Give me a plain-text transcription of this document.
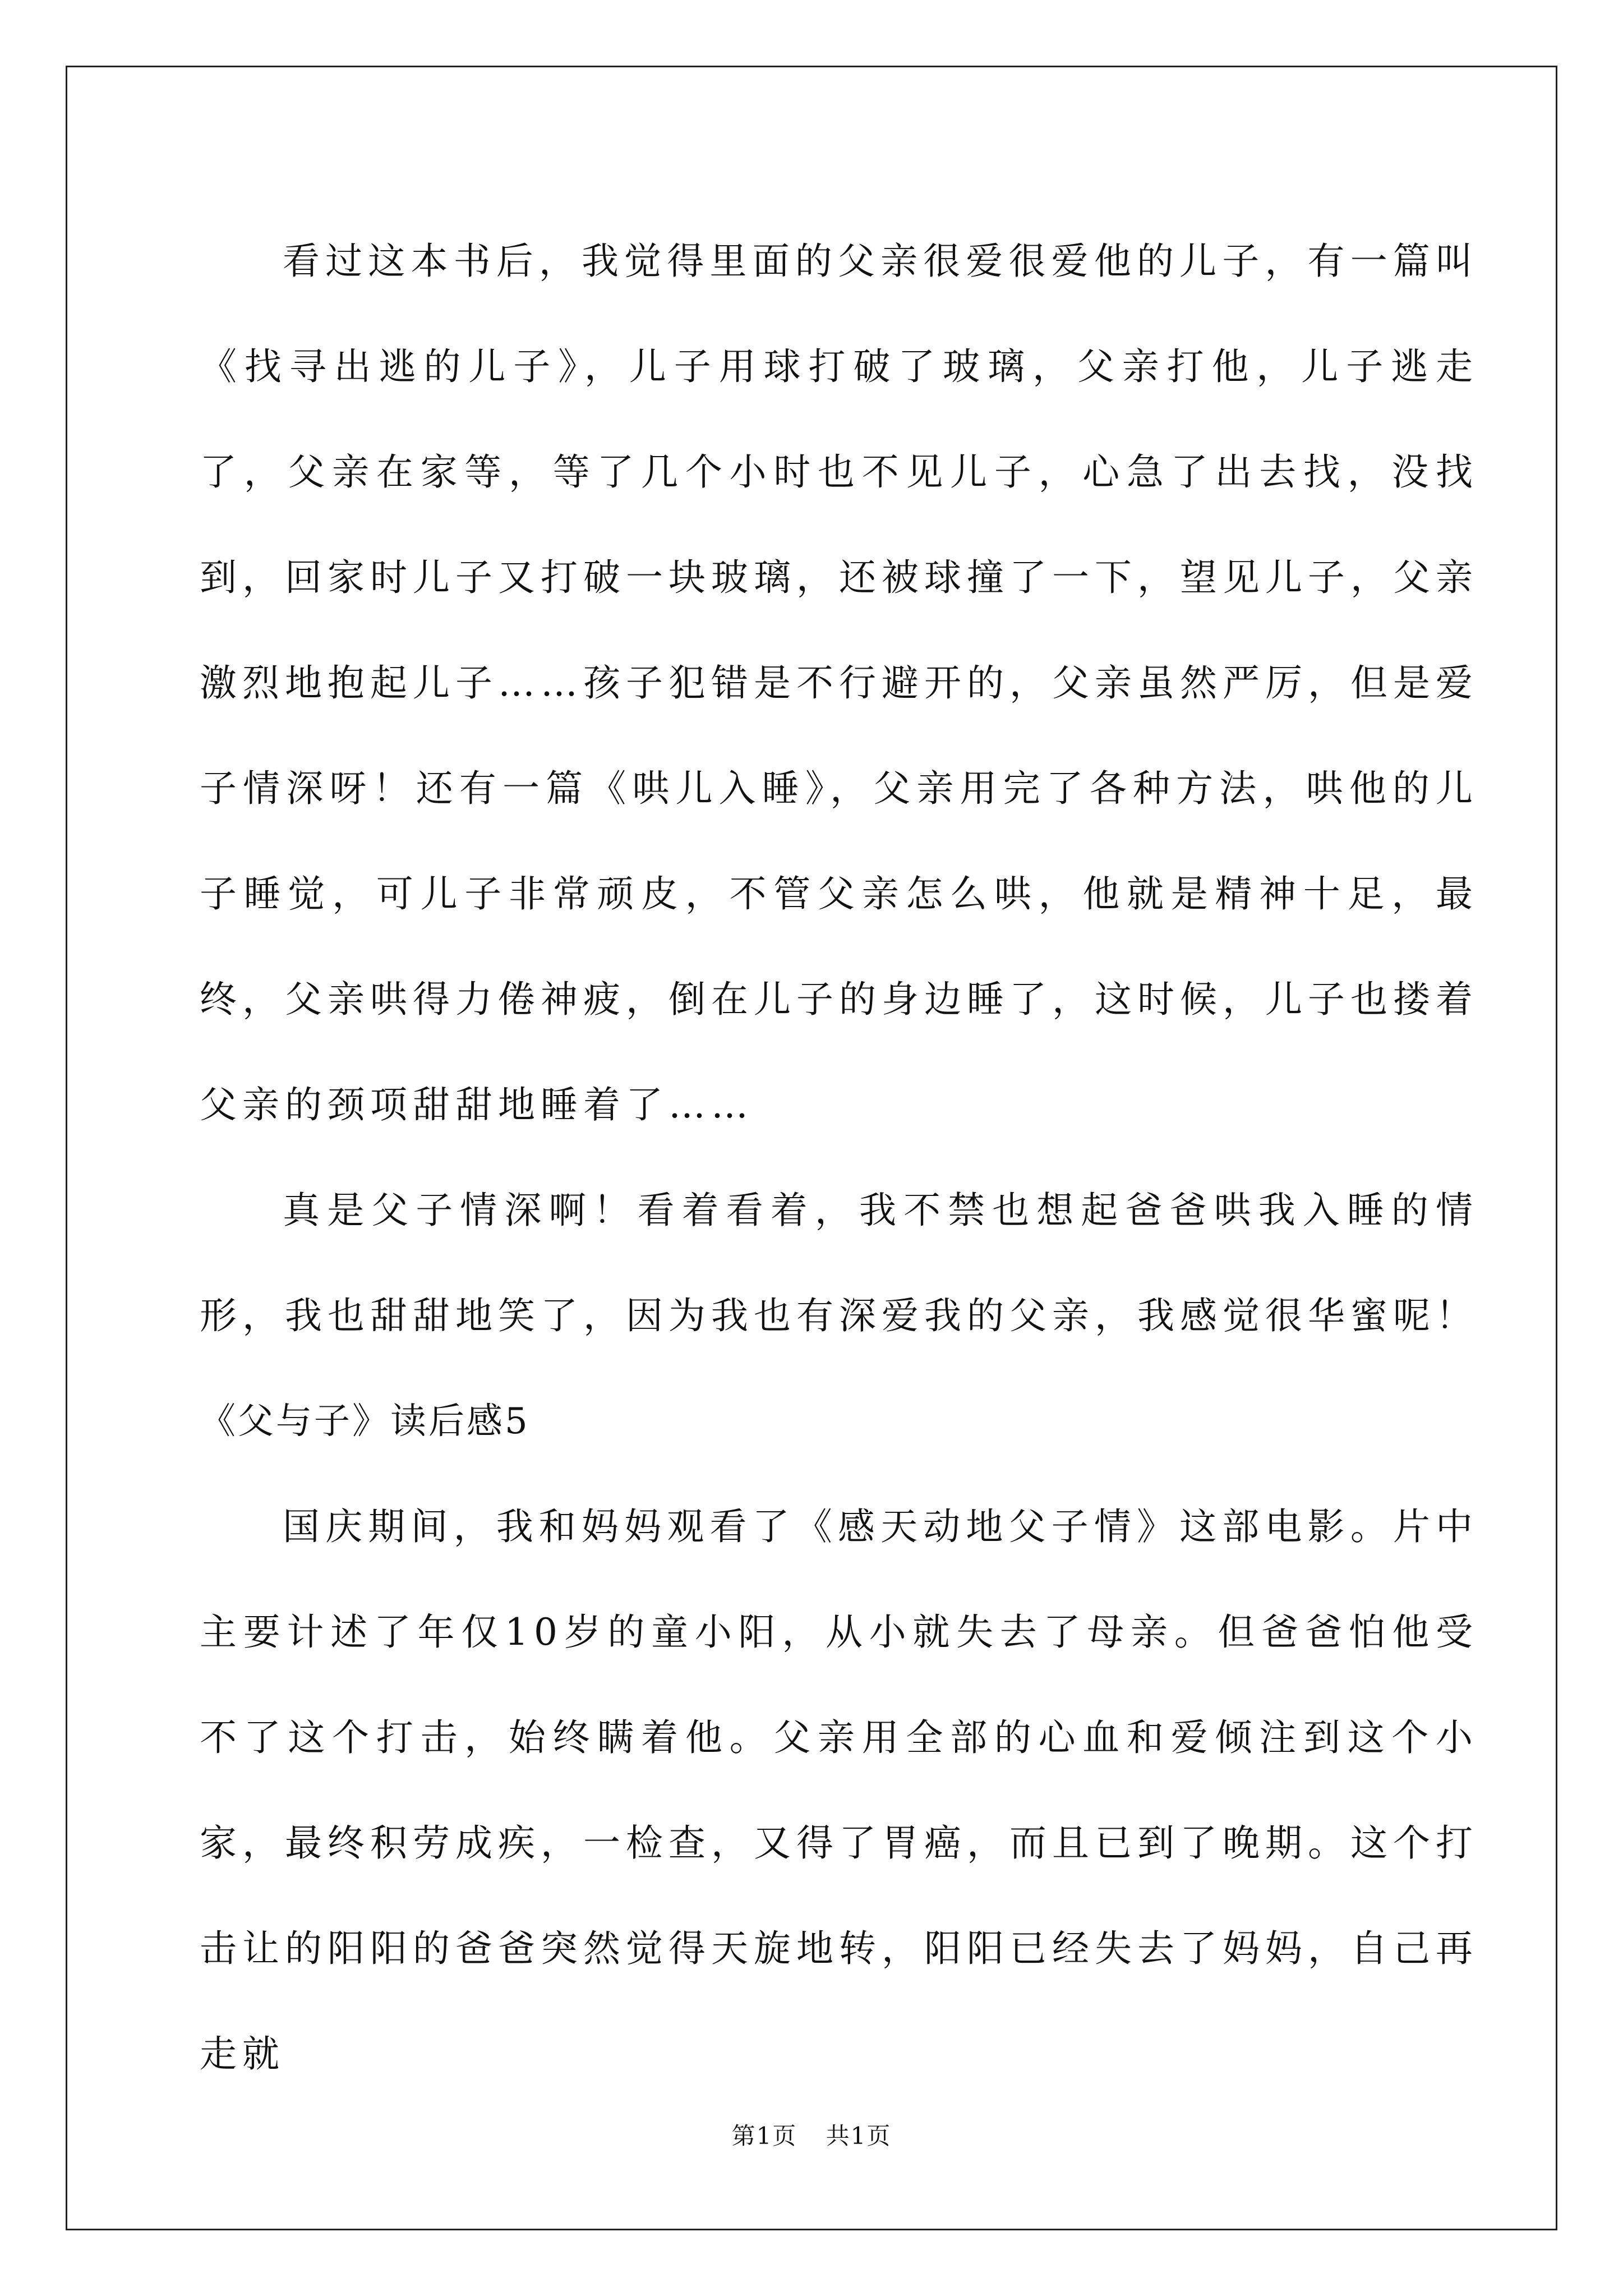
看过这本书后，我觉得里面的父亲很爱很爱他的儿子，有一篇叫《找寻出逃的儿子》，儿子用球打破了玻璃，父亲打他，儿子逃走了，父亲在家等，等了几个小时也不见儿子，心急了出去找，没找到，回家时儿子又打破一块玻璃，还被球撞了一下，望见儿子，父亲激烈地抱起儿子……孩子犯错是不行避开的，父亲虽然严厉，但是爱子情深呀！还有一篇《哄儿入睡》，父亲用完了各种方法，哄他的儿子睡觉，可儿子非常顽皮，不管父亲怎么哄，他就是精神十足，最终，父亲哄得力倦神疲，倒在儿子的身边睡了，这时候，儿子也搂着父亲的颈项甜甜地睡着了……

真是父子情深啊！看着看着，我不禁也想起爸爸哄我入睡的情形，我也甜甜地笑了，因为我也有深爱我的父亲，我感觉很华蜜呢！

《父与子》读后感5

国庆期间，我和妈妈观看了《感天动地父子情》这部电影。片中主要计述了年仅10岁的童小阳，从小就失去了母亲。但爸爸怕他受不了这个打击，始终瞒着他。父亲用全部的心血和爱倾注到这个小家，最终积劳成疾，一检查，又得了胃癌，而且已到了晚期。这个打击让的阳阳的爸爸突然觉得天旋地转，阳阳已经失去了妈妈，自己再走就

第1页 共1页
